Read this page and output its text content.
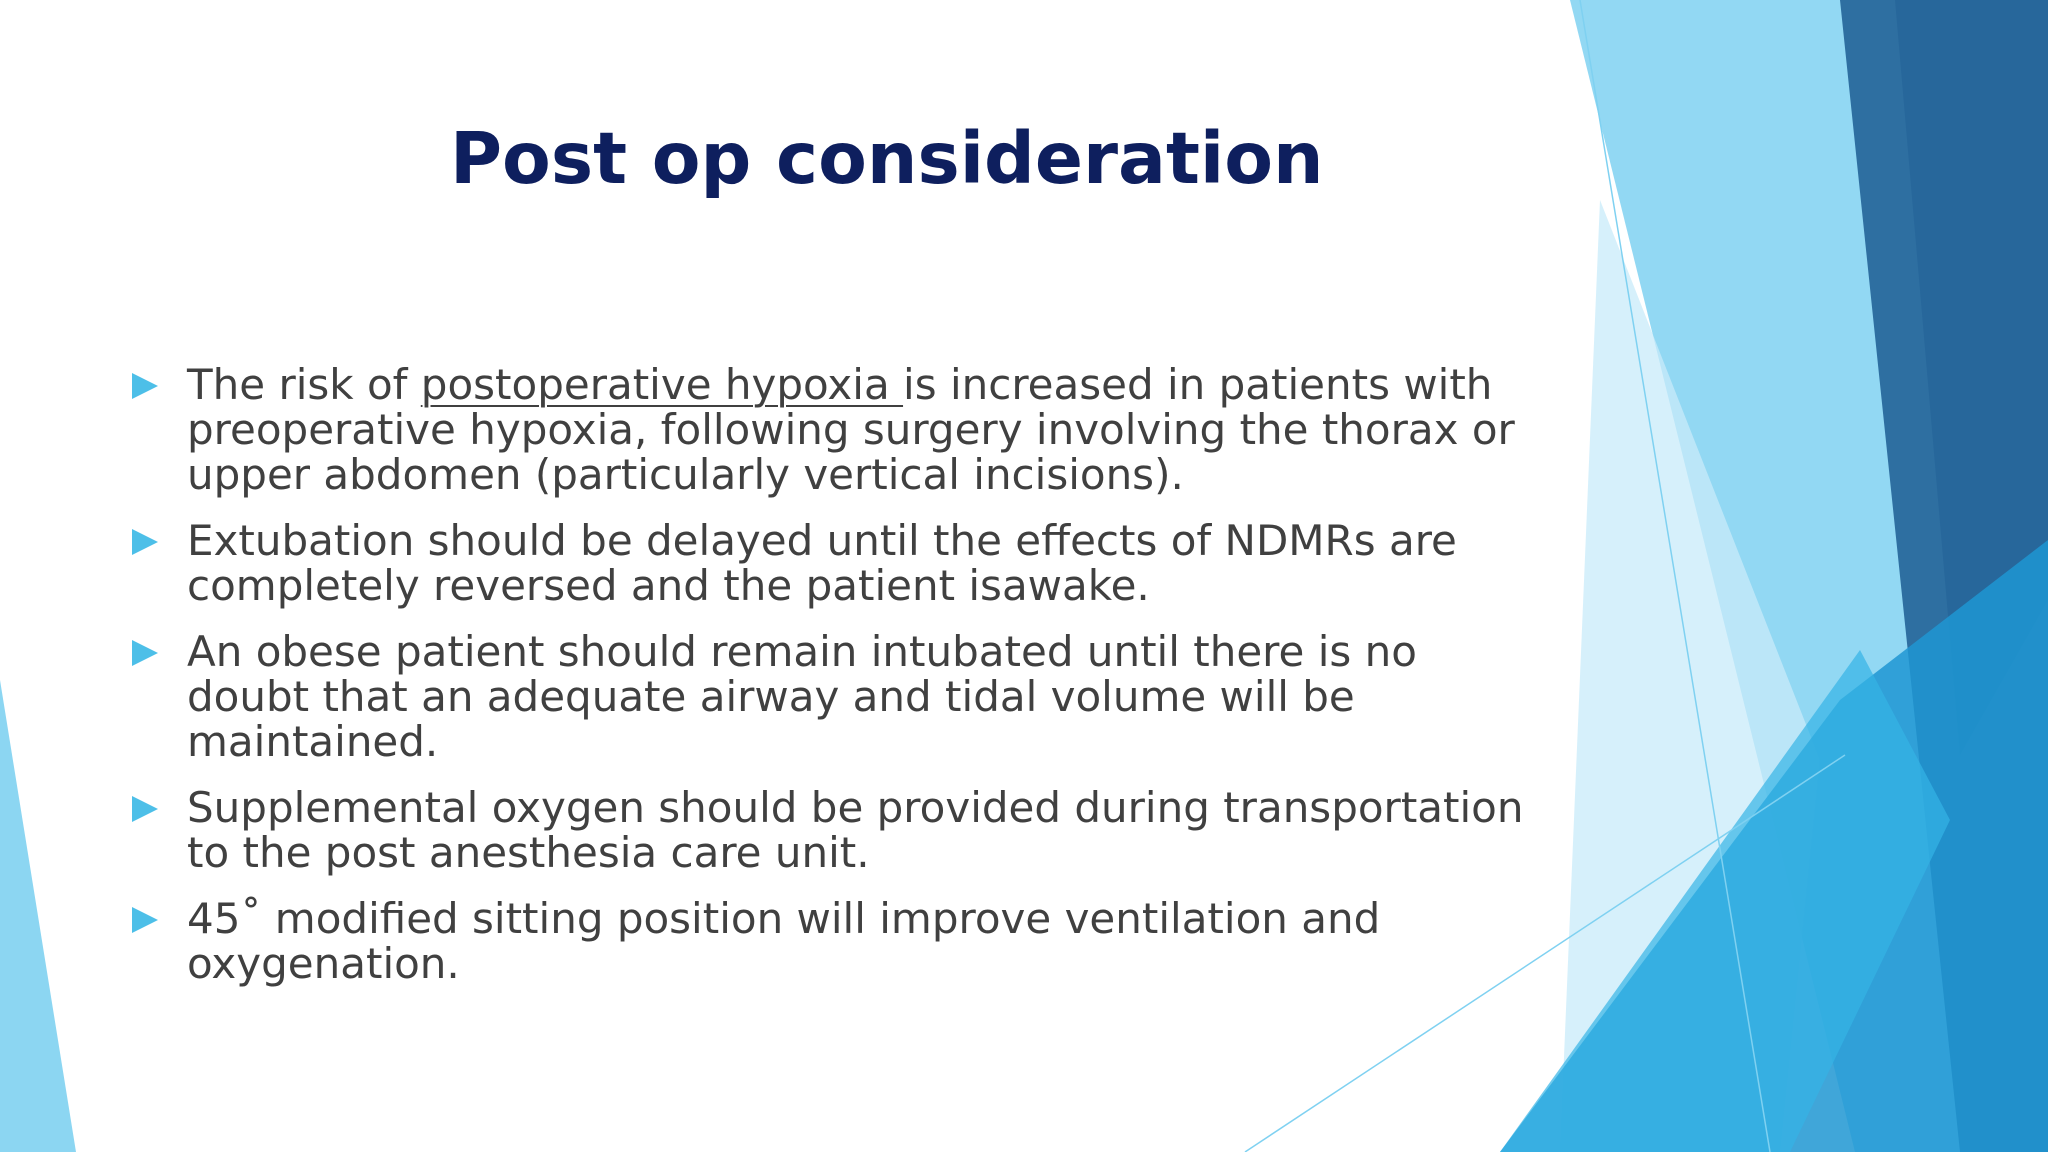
Post op consideration
The risk of postoperative hypoxia is increased in patients with preoperative hypoxia, following surgery involving the thorax or upper abdomen (particularly vertical incisions).
Extubation should be delayed until the effects of NDMRs are completely reversed and the patient isawake.
An obese patient should remain intubated until there is no doubt that an adequate airway and tidal volume will be maintained.
Supplemental oxygen should be provided during transportation to the post anesthesia care unit.
45˚ modified sitting position will improve ventilation and oxygenation.
